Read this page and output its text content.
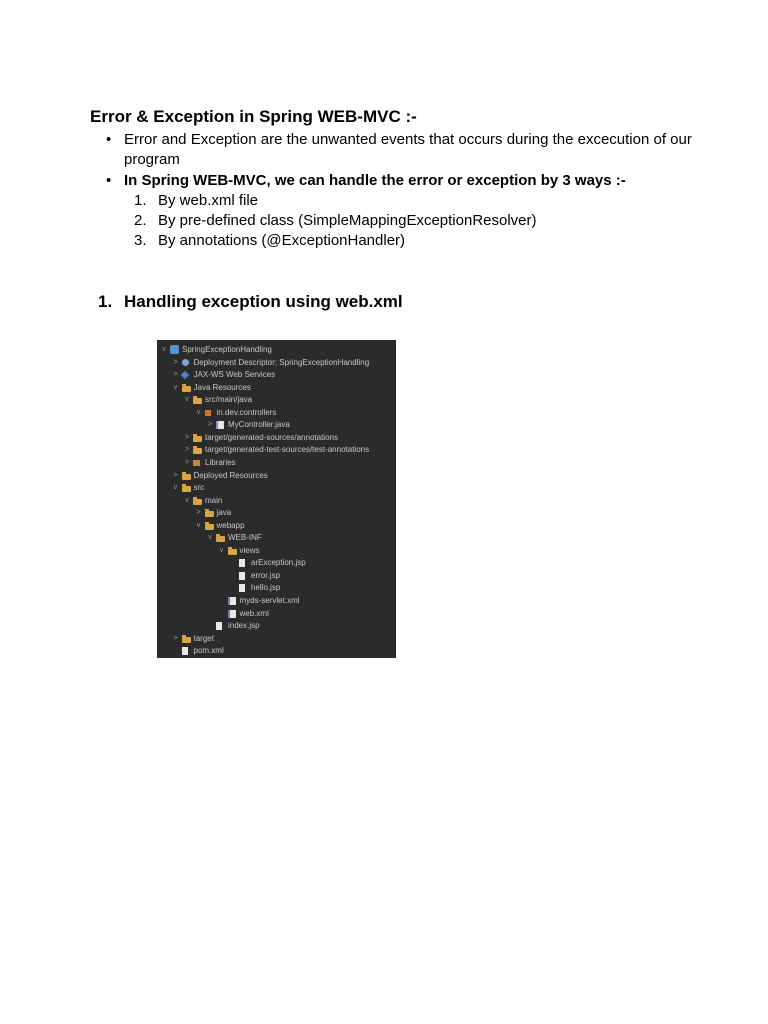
Error & Exception in Spring WEB-MVC :-
• Error and Exception are the unwanted events that occurs during the excecution of our
program
• In Spring WEB-MVC, we can handle the error or exception by 3 ways :-
1. By web.xml file
2. By pre-defined class (SimpleMappingExceptionResolver)
3. By annotations (@ExceptionHandler)
1. Handling exception using web.xml
v SpringExceptionHandling
> Deployment Descriptor: SpringExceptionHandling
> JAX-WS Web Services
v Java Resources
v src/main/java
v in.dev.controllers
> MyController.java
> target/generated-sources/annotations
> target/generated-test-sources/test-annotations
> Libraries
> Deployed Resources
v src
v main
> java
v webapp
v WEB-INF
v views
arException.jsp
error.jsp
hello.jsp
myds-servlet.xml
web.xml
index.jsp
> target
pom.xml
